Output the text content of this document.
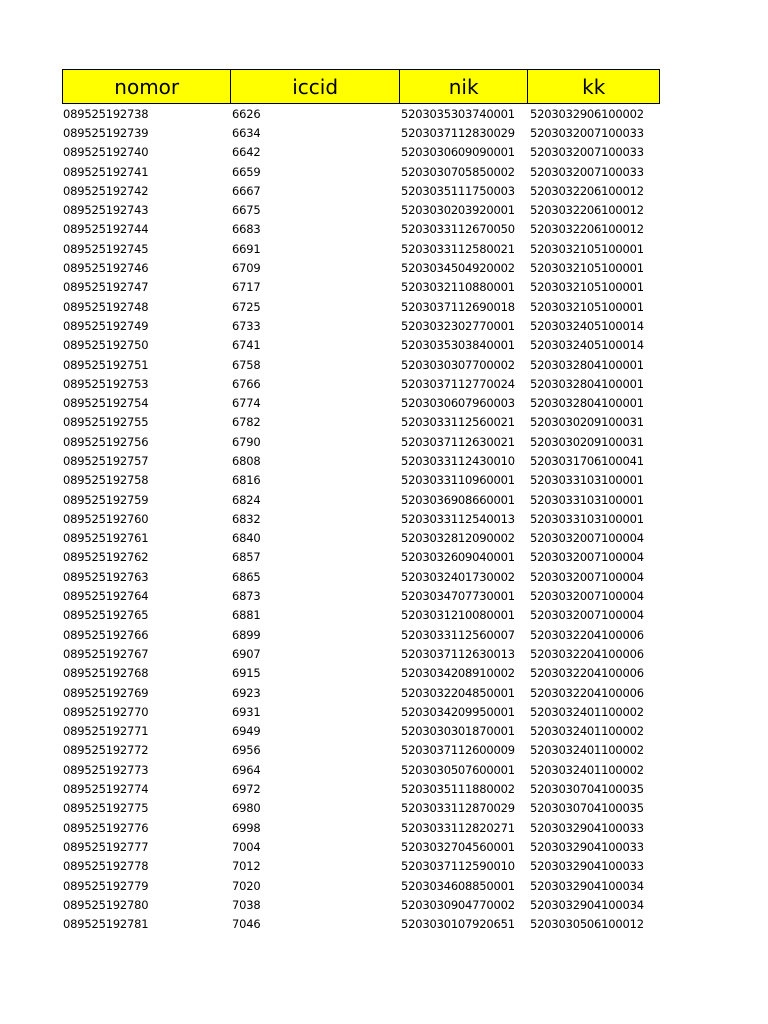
nomor	iccid	nik	kk
089525192738	6626	5203035303740001	5203032906100002
089525192739	6634	5203037112830029	5203032007100033
089525192740	6642	5203030609090001	5203032007100033
089525192741	6659	5203030705850002	5203032007100033
089525192742	6667	5203035111750003	5203032206100012
089525192743	6675	5203030203920001	5203032206100012
089525192744	6683	5203033112670050	5203032206100012
089525192745	6691	5203033112580021	5203032105100001
089525192746	6709	5203034504920002	5203032105100001
089525192747	6717	5203032110880001	5203032105100001
089525192748	6725	5203037112690018	5203032105100001
089525192749	6733	5203032302770001	5203032405100014
089525192750	6741	5203035303840001	5203032405100014
089525192751	6758	5203030307700002	5203032804100001
089525192753	6766	5203037112770024	5203032804100001
089525192754	6774	5203030607960003	5203032804100001
089525192755	6782	5203033112560021	5203030209100031
089525192756	6790	5203037112630021	5203030209100031
089525192757	6808	5203033112430010	5203031706100041
089525192758	6816	5203033110960001	5203033103100001
089525192759	6824	5203036908660001	5203033103100001
089525192760	6832	5203033112540013	5203033103100001
089525192761	6840	5203032812090002	5203032007100004
089525192762	6857	5203032609040001	5203032007100004
089525192763	6865	5203032401730002	5203032007100004
089525192764	6873	5203034707730001	5203032007100004
089525192765	6881	5203031210080001	5203032007100004
089525192766	6899	5203033112560007	5203032204100006
089525192767	6907	5203037112630013	5203032204100006
089525192768	6915	5203034208910002	5203032204100006
089525192769	6923	5203032204850001	5203032204100006
089525192770	6931	5203034209950001	5203032401100002
089525192771	6949	5203030301870001	5203032401100002
089525192772	6956	5203037112600009	5203032401100002
089525192773	6964	5203030507600001	5203032401100002
089525192774	6972	5203035111880002	5203030704100035
089525192775	6980	5203033112870029	5203030704100035
089525192776	6998	5203033112820271	5203032904100033
089525192777	7004	5203032704560001	5203032904100033
089525192778	7012	5203037112590010	5203032904100033
089525192779	7020	5203034608850001	5203032904100034
089525192780	7038	5203030904770002	5203032904100034
089525192781	7046	5203030107920651	5203030506100012
